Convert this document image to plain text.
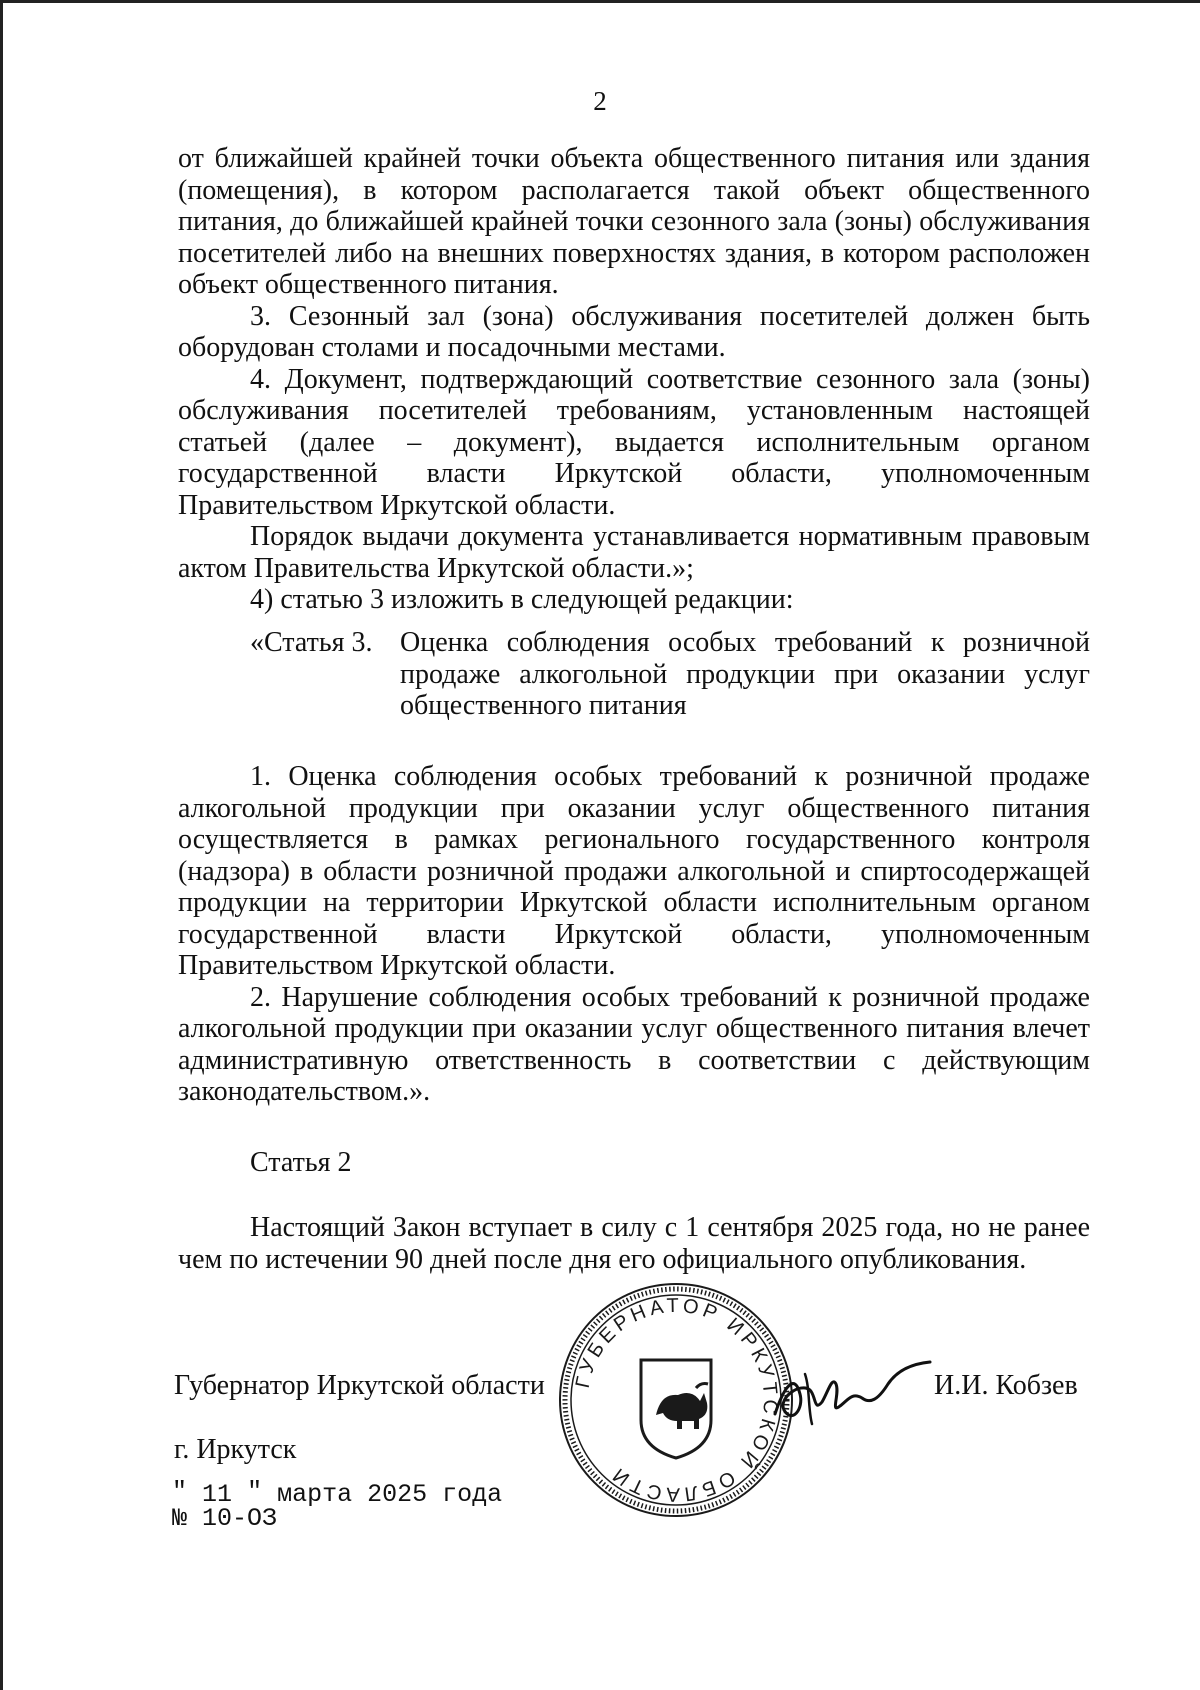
2

от ближайшей крайней точки объекта общественного питания или здания (помещения), в котором располагается такой объект общественного питания, до ближайшей крайней точки сезонного зала (зоны) обслуживания посетителей либо на внешних поверхностях здания, в котором расположен объект общественного питания.

3. Сезонный зал (зона) обслуживания посетителей должен быть оборудован столами и посадочными местами.

4. Документ, подтверждающий соответствие сезонного зала (зоны) обслуживания посетителей требованиям, установленным настоящей статьей (далее – документ), выдается исполнительным органом государственной власти Иркутской области, уполномоченным Правительством Иркутской области.

Порядок выдачи документа устанавливается нормативным правовым актом Правительства Иркутской области.»;

4) статью 3 изложить в следующей редакции:

«Статья 3. Оценка соблюдения особых требований к розничной продаже алкогольной продукции при оказании услуг общественного питания

1. Оценка соблюдения особых требований к розничной продаже алкогольной продукции при оказании услуг общественного питания осуществляется в рамках регионального государственного контроля (надзора) в области розничной продажи алкогольной и спиртосодержащей продукции на территории Иркутской области исполнительным органом государственной власти Иркутской области, уполномоченным Правительством Иркутской области.

2. Нарушение соблюдения особых требований к розничной продаже алкогольной продукции при оказании услуг общественного питания влечет административную ответственность в соответствии с действующим законодательством.».

Статья 2

Настоящий Закон вступает в силу с 1 сентября 2025 года, но не ранее чем по истечении 90 дней после дня его официального опубликования.

Губернатор Иркутской области	И.И. Кобзев
г. Иркутск
" 11 " марта 2025 года
№ 10-ОЗ
ГУБЕРНАТОР ИРКУТСКОЙ ОБЛАСТИ
